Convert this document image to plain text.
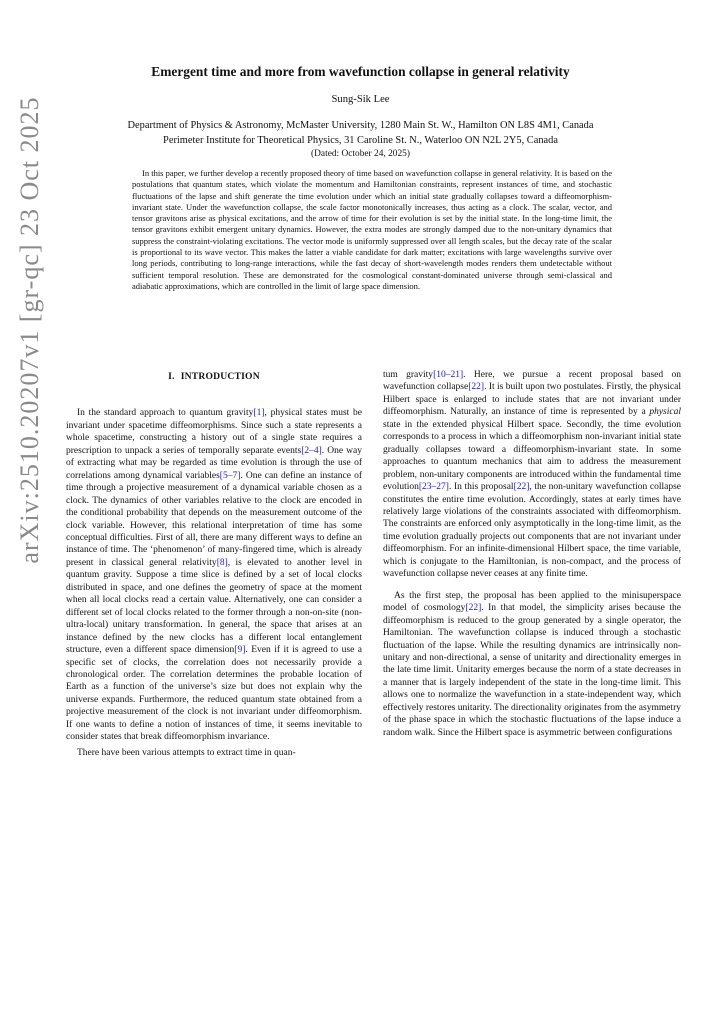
arXiv:2510.20207v1 [gr-qc] 23 Oct 2025
Emergent time and more from wavefunction collapse in general relativity
Sung-Sik Lee
Department of Physics & Astronomy, McMaster University, 1280 Main St. W., Hamilton ON L8S 4M1, Canada
Perimeter Institute for Theoretical Physics, 31 Caroline St. N., Waterloo ON N2L 2Y5, Canada
(Dated: October 24, 2025)

In this paper, we further develop a recently proposed theory of time based on wavefunction collapse in general relativity. It is based on the postulations that quantum states, which violate the momentum and Hamiltonian constraints, represent instances of time, and stochastic fluctuations of the lapse and shift generate the time evolution under which an initial state gradually collapses toward a diffeomorphism-invariant state. Under the wavefunction collapse, the scale factor monotonically increases, thus acting as a clock. The scalar, vector, and tensor gravitons arise as physical excitations, and the arrow of time for their evolution is set by the initial state. In the long-time limit, the tensor gravitons exhibit emergent unitary dynamics. However, the extra modes are strongly damped due to the non-unitary dynamics that suppress the constraint-violating excitations. The vector mode is uniformly suppressed over all length scales, but the decay rate of the scalar is proportional to its wave vector. This makes the latter a viable candidate for dark matter; excitations with large wavelengths survive over long periods, contributing to long-range interactions, while the fast decay of short-wavelength modes renders them undetectable without sufficient temporal resolution. These are demonstrated for the cosmological constant-dominated universe through semi-classical and adiabatic approximations, which are controlled in the limit of large space dimension.

I. INTRODUCTION

In the standard approach to quantum gravity[1], physical states must be invariant under spacetime diffeomorphisms. Since such a state represents a whole spacetime, constructing a history out of a single state requires a prescription to unpack a series of temporally separate events[2–4]. One way of extracting what may be regarded as time evolution is through the use of correlations among dynamical variables[5–7]. One can define an instance of time through a projective measurement of a dynamical variable chosen as a clock. The dynamics of other variables relative to the clock are encoded in the conditional probability that depends on the measurement outcome of the clock variable. However, this relational interpretation of time has some conceptual difficulties. First of all, there are many different ways to define an instance of time. The ‘phenomenon’ of many-fingered time, which is already present in classical general relativity[8], is elevated to another level in quantum gravity. Suppose a time slice is defined by a set of local clocks distributed in space, and one defines the geometry of space at the moment when all local clocks read a certain value. Alternatively, one can consider a different set of local clocks related to the former through a non-on-site (non-ultra-local) unitary transformation. In general, the space that arises at an instance defined by the new clocks has a different local entanglement structure, even a different space dimension[9]. Even if it is agreed to use a specific set of clocks, the correlation does not necessarily provide a chronological order. The correlation determines the probable location of Earth as a function of the universe’s size but does not explain why the universe expands. Furthermore, the reduced quantum state obtained from a projective measurement of the clock is not invariant under diffeomorphism. If one wants to define a notion of instances of time, it seems inevitable to consider states that break diffeomorphism invariance.

There have been various attempts to extract time in quan-

tum gravity[10–21]. Here, we pursue a recent proposal based on wavefunction collapse[22]. It is built upon two postulates. Firstly, the physical Hilbert space is enlarged to include states that are not invariant under diffeomorphism. Naturally, an instance of time is represented by a physical state in the extended physical Hilbert space. Secondly, the time evolution corresponds to a process in which a diffeomorphism non-invariant initial state gradually collapses toward a diffeomorphism-invariant state. In some approaches to quantum mechanics that aim to address the measurement problem, non-unitary components are introduced within the fundamental time evolution[23–27]. In this proposal[22], the non-unitary wavefunction collapse constitutes the entire time evolution. Accordingly, states at early times have relatively large violations of the constraints associated with diffeomorphism. The constraints are enforced only asymptotically in the long-time limit, as the time evolution gradually projects out components that are not invariant under diffeomorphism. For an infinite-dimensional Hilbert space, the time variable, which is conjugate to the Hamiltonian, is non-compact, and the process of wavefunction collapse never ceases at any finite time.

As the first step, the proposal has been applied to the minisuperspace model of cosmology[22]. In that model, the simplicity arises because the diffeomorphism is reduced to the group generated by a single operator, the Hamiltonian. The wavefunction collapse is induced through a stochastic fluctuation of the lapse. While the resulting dynamics are intrinsically non-unitary and non-directional, a sense of unitarity and directionality emerges in the late time limit. Unitarity emerges because the norm of a state decreases in a manner that is largely independent of the state in the long-time limit. This allows one to normalize the wavefunction in a state-independent way, which effectively restores unitarity. The directionality originates from the asymmetry of the phase space in which the stochastic fluctuations of the lapse induce a random walk. Since the Hilbert space is asymmetric between configurations
